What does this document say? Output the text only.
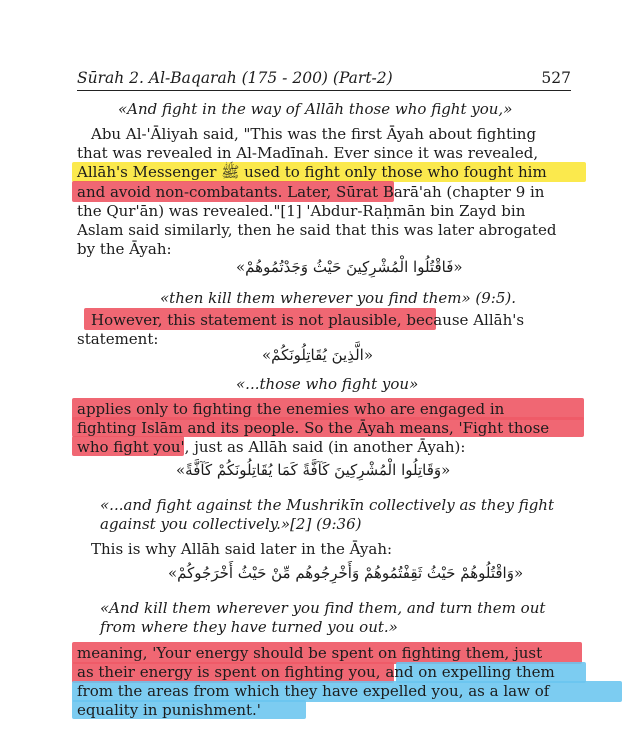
Sūrah 2. Al-Baqarah (175 - 200) (Part-2)	527
«And fight in the way of Allāh those who fight you,»
Abu Al-'Āliyah said, "This was the first Āyah about fighting
that was revealed in Al-Madīnah. Ever since it was revealed,
Allāh's Messenger ﷺ used to fight only those who fought him
and avoid non-combatants. Later, Sūrat Barā'ah (chapter 9 in
the Qur'ān) was revealed."[1] 'Abdur-Raḥmān bin Zayd bin
Aslam said similarly, then he said that this was later abrogated
by the Āyah:
«فَاقْتُلُوا الْمُشْرِكِينَ حَيْثُ وَجَدْتُمُوهُمْ»
«then kill them wherever you find them» (9:5).
However, this statement is not plausible, because Allāh's
statement:
«الَّذِينَ يُقَاتِلُونَكُمْ»
«...those who fight you»
applies only to fighting the enemies who are engaged in
fighting Islām and its people. So the Āyah means, 'Fight those
who fight you', just as Allāh said (in another Āyah):
«وَقَاتِلُوا الْمُشْرِكِينَ كَآفَّةً كَمَا يُقَاتِلُونَكُمْ كَآفَّةً»
«...and fight against the Mushrikīn collectively as they fight
against you collectively.»[2] (9:36)
This is why Allāh said later in the Āyah:
«وَاقْتُلُوهُمْ حَيْثُ ثَقِفْتُمُوهُمْ وَأَخْرِجُوهُم مِّنْ حَيْثُ أَخْرَجُوكُمْ»
«And kill them wherever you find them, and turn them out
from where they have turned you out.»
meaning, 'Your energy should be spent on fighting them, just
as their energy is spent on fighting you, and on expelling them
from the areas from which they have expelled you, as a law of
equality in punishment.'
